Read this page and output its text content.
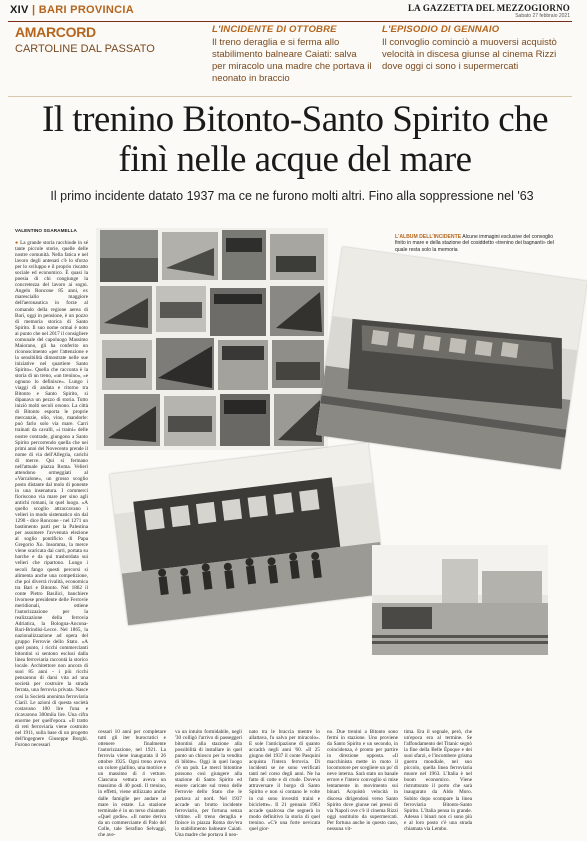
XIV | BARI PROVINCIA	LA GAZZETTA DEL MEZZOGIORNO
Sabato 27 febbraio 2021
AMARCORD
CARTOLINE DAL PASSATO
L'INCIDENTE DI OTTOBRE
Il treno deraglia e si ferma allo stabilimento balneare Caiati: salva per miracolo una madre che portava il neonato in braccio
L'EPISODIO DI GENNAIO
Il convoglio cominciò a muoversi acquistò velocità in discesa giunse al cinema Rizzi dove oggi ci sono i supermercati
Il trenino Bitonto-Santo Spirito che finì nelle acque del mare
Il primo incidente datato 1937 ma ce ne furono molti altri. Fino alla soppressione nel '63
VALENTINO SGARAMELLA
● La grande storia racchiude in sé tante piccole storie, quelle delle nostre comunità. Nella fatica e nel lavoro degli antenati c'è lo sforzo per lo sviluppo e il proprio riscatto sociale ed economico. È quasi la poesia di chi congiunge la concretezza del lavoro ai sogni. Angelo Roncone 85 anni, ex maresciallo maggiore dell'aeronautica in forze al comando della regione aerea di Bari, oggi in pensione, è un pozzo di memoria storica di Santo Spirito. Il suo nome ormai è noto ai punto che nel 2017 il consigliere comunale del capoluogo Massimo Maiorano, gli ha conferito un riconoscimento «per l'attenzione e la sensibilità dimostrate nelle sue iniziative nel quartiere Santo Spirito». Quella che racconta è la storia di un treno, «un trenino», «e ognuno lo definisce». Lungo i viaggi di andata e ritorno tra Bitonto e Santo Spirito, si dipanava un pezzo di storia. Tutto iniziò molti secoli orsono. La città di Bitonto esporta le proprie mercanzie, olio, vino, mandorle: può farlo solo via mare. Carri trainati da cavalli, «i traini» delle nostre contrade, giungono a Santo Spirito percorrendo quella che nei primi anni del Novecento prende il nome di via dell'Allegria, carichi di merce. Qui si fermano nell'attuale piazza Roma. Velieri attendono ormeggiati al «Varcalone», un grosso scoglio posto distante dal molo di ponente in una insenatura. I commerci fioriscono via mare per sino agli antichi romani, in quel luogo. «A quello scoglio attraccavano i velieri in modo sistematico sin dal 1290 - dice Roncone - nel 1271 un bastimento parti per la Palestina per assumere l'avvenuta elezione al soglio pontificio di Papa Gregorio Xo. Insomma, la merce viene scaricata dai carri, portata su barche e da qui trasbordata sui velieri che ripartono. Lungo i secoli fango questi percorsi si alimenta anche una competizione, che poi diverrà rivalità, economica tra Bari e Bitonto. Nel 1862 il conte Pietro Basilici, banchiere livornese presidente delle Ferrovie meridionali, ottiene l'autorizzazione per la realizzazione della ferrovia Adriatica, la Bologna-Ancona-Bari-Brindisi-Lecce. Nel 1865, la nazionalizzazione ad opera del gruppo Ferrovie dello Stato. «A quel punto, i ricchi commercianti bitontini si sentono esclusi dalla linea ferroviaria raccontà la storico locale. Architettore non ancora di suoi 85 anni - i più ricchi pensarono di darsi vita ad una società per costruire la strada ferrata, una ferrovia privata. Nasce così la Società anonima ferroviaria Ciaril. Le azioni di questa società costavano 100 lire l'una e ricavarono 300mila lire. Una cifra enorme per quell'epoca. «Il tratto di reti ferroviaria viene costruito nel 1911, sulla base di un progetto dell'ingegnere Giuseppe Borghi. Furono necessari
L'ALBUM DELL'INCIDENTE Alcune immagini esclusive del convoglio finito in mare e della stazione del cosiddetto «trenino dei bagnanti» del quale resta solo la memoria
cessari 10 anni per completare tutti gli iter burocratici e ottenere finalmente l'autorizzazione, nel 1921. La ferrovia viene inaugurata il 26 ottobre 1925. Ogni treno aveva un colore giallino, una motrice e un massimo di 4 vetture. Ciascuna vettura aveva un massimo di 40 posti. Il trenino, in effetti, viene utilizzato anche dalle famiglie per andare al mare in estate. La stazione terminale è in un terso chiamato «Quel godie». «Il nome deriva da un commerciante di Palo del Colle, tale Serafino Selvaggi, che ave-
va un intuito formidabile, negli '30 colligò l'arrivo di passeggeri bitontini alla stazione alla possibilità di installare in quel punto un chiosco per la vendita di bibite». Oggi in quel luogo c'è un pub. Le merci bitontine possono così giungere alla stazione di Santo Spirito ed essere caricate sul treno delle Ferrovie dello Stato che le portava al nord. Nel 1937 accade un brutto incidente ferroviario, per fortuna senza vittime. «Il treno deraglia e finisce in piazza Roma dov'era lo stabilimento balneare Caiati. Una madre che portava il neo-
nato tra le braccia mentre lo allattava, fu salva per miracolo». E sole l'anticipazione di quanto accadrà negli anni '60. «Il 25 giugno del 1937 il conte Pasquini acquista l'intera ferrovia. Di incidenti se ne sono verificati tanti nel corso degli anni. Ne ha fatto di cotte e di crude. Doveva attraversare il borgo di Santo Spirito e non si contano le volte in cui sono investiti traini e biciclette». Il 21 gennaio 1963 accade qualcosa che segnerà in modo definitivo la storia di quel trenino. «C'è una forte nevicata quel gior-
no. Due trenini a Bitonto sono fermi in stazione. Uno proviene da Santo Spirito e un secondo, in coincidenza, è pronto per partire in direzione opposta. «Il macchinista mette in moto il locomotore per scegliere un po' di neve interna. Sarà stato un banale errore e l'intero convoglio si mise lentamente in movimento sui binari. Acquistò velocità in discesa dirigendosi verso Santo Spirito dove giunse nei pressi di via Napoli ove c'è il cinema Rizzi oggi sostituito da supermercati. Per fortuna anche in questo caso, nessuna vit-
tima. Era il segnale, però, che un'epoca era al termine. Se l'affondamento del Titanic segnò la fine della Belle Époque e dei suoi sfarzi, e l'incombere grisma guerra mondiale, nel suo piccolo, quella linea ferroviaria muore nel 1963. L'Italia è nel boom economico. Viene ristrutturato il porto che sarà inaugurato da Aldo Moro. Subito dopo scompare la linea ferroviaria Bitonto-Santo Spirito. L'Italia pensa in grande. Adesso i binari non ci sono più e al loro posto c'è una strada chiamata via Lembo.
